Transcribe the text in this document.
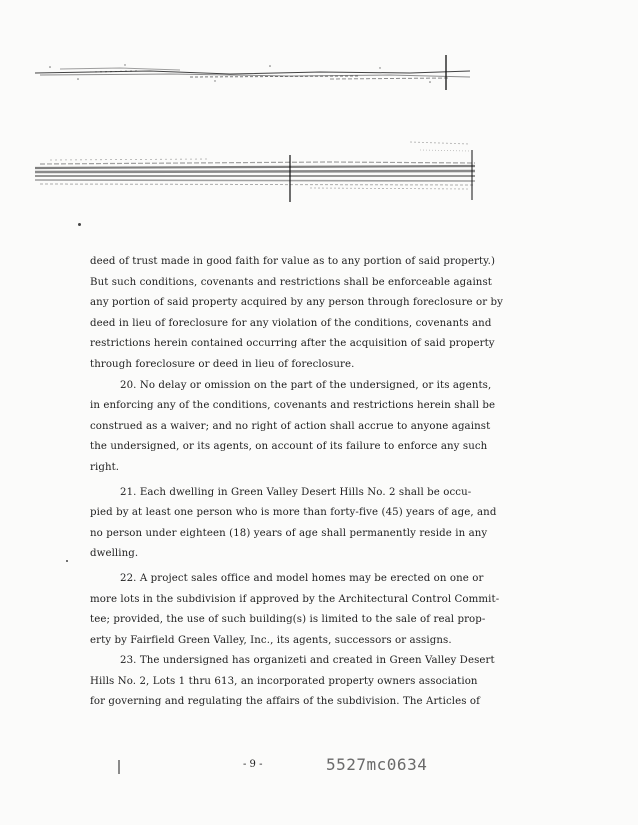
deed of trust made in good faith for value as to any portion of said property.)
But such conditions, covenants and restrictions shall be enforceable against
any portion of said property acquired by any person through foreclosure or by
deed in lieu of foreclosure for any violation of the conditions, covenants and
restrictions herein contained occurring after the acquisition of said property
through foreclosure or deed in lieu of foreclosure.
20. No delay or omission on the part of the undersigned, or its agents,
in enforcing any of the conditions, covenants and restrictions herein shall be
construed as a waiver; and no right of action shall accrue to anyone against
the undersigned, or its agents, on account of its failure to enforce any such
right.
21. Each dwelling in Green Valley Desert Hills No. 2 shall be occu-
pied by at least one person who is more than forty-five (45) years of age, and
no person under eighteen (18) years of age shall permanently reside in any
dwelling.
22. A project sales office and model homes may be erected on one or
more lots in the subdivision if approved by the Architectural Control Commit-
tee; provided, the use of such building(s) is limited to the sale of real prop-
erty by Fairfield Green Valley, Inc., its agents, successors or assigns.
23. The undersigned has organizeti and created in Green Valley Desert
Hills No. 2, Lots 1 thru 613, an incorporated property owners association
for governing and regulating the affairs of the subdivision. The Articles of
- 9 -	5527mc0634
